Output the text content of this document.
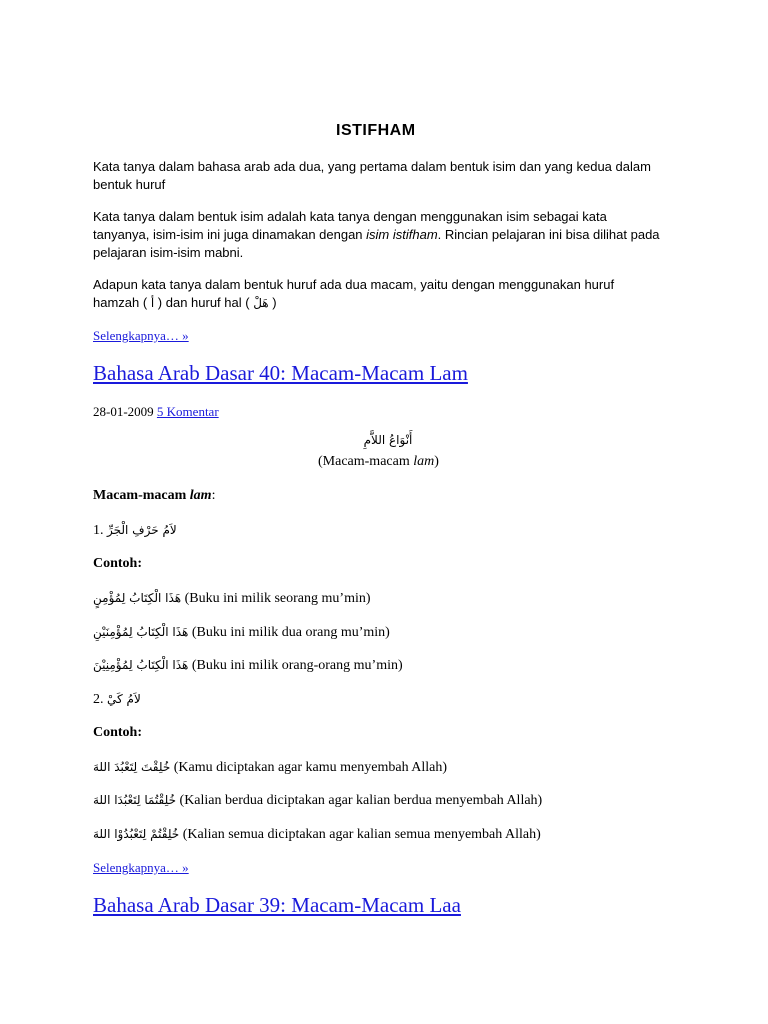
ISTIFHAM

Kata tanya dalam bahasa arab ada dua, yang pertama dalam bentuk isim dan yang kedua dalam bentuk huruf

Kata tanya dalam bentuk isim adalah kata tanya dengan menggunakan isim sebagai kata tanyanya, isim-isim ini juga dinamakan dengan isim istifham. Rincian pelajaran ini bisa dilihat pada pelajaran isim-isim mabni.

Adapun kata tanya dalam bentuk huruf ada dua macam, yaitu dengan menggunakan huruf
hamzah ( أ ) dan huruf hal ( هَلْ )

Selengkapnya… »
Bahasa Arab Dasar 40: Macam-Macam Lam
28-01-2009 5 Komentar
أَنْوَاعُ اللاَّمِ
(Macam-macam lam)
Macam-macam lam:
1. لاَمُ حَرْفِ الْجَرِّ
Contoh:
هَذَا الْكِتَابُ لِمُؤْمِنٍ (Buku ini milik seorang mu’min)
هَذَا الْكِتَابُ لِمُؤْمِنَيْنِ (Buku ini milik dua orang mu’min)
هَذَا الْكِتَابُ لِمُؤْمِنِيْنَ (Buku ini milik orang-orang mu’min)
2. لاَمُ كَيْ
Contoh:
خُلِقْتَ لِتَعْبُدَ اللهَ (Kamu diciptakan agar kamu menyembah Allah)
خُلِقْتُمَا لِتَعْبُدَا اللهَ (Kalian berdua diciptakan agar kalian berdua menyembah Allah)
خُلِقْتُمْ لِتَعْبُدُوْا اللهَ (Kalian semua diciptakan agar kalian semua menyembah Allah)
Selengkapnya… »
Bahasa Arab Dasar 39: Macam-Macam Laa
